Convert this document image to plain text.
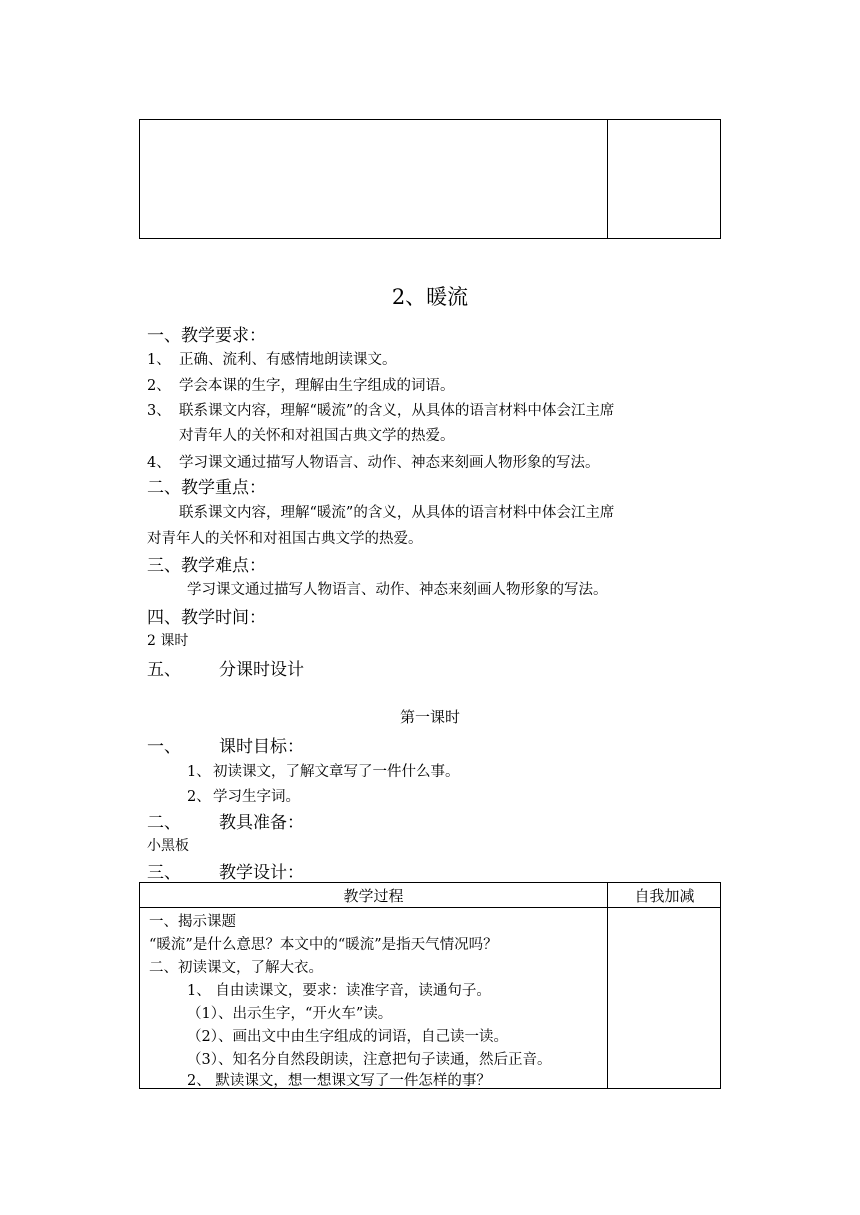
2、暖流
一、教学要求：
1、 正确、流利、有感情地朗读课文。
2、 学会本课的生字，理解由生字组成的词语。
3、 联系课文内容，理解“暖流”的含义，从具体的语言材料中体会江主席
对青年人的关怀和对祖国古典文学的热爱。
4、 学习课文通过描写人物语言、动作、神态来刻画人物形象的写法。
二、教学重点：
联系课文内容，理解“暖流”的含义，从具体的语言材料中体会江主席
对青年人的关怀和对祖国古典文学的热爱。
三、教学难点：
学习课文通过描写人物语言、动作、神态来刻画人物形象的写法。
四、教学时间：
2 课时
五、 分课时设计
第一课时
一、 课时目标：
1、 初读课文，了解文章写了一件什么事。
2、 学习生字词。
二、 教具准备：
小黑板
三、 教学设计：
教学过程	自我加减
一、揭示课题
“暖流”是什么意思？本文中的“暖流”是指天气情况吗？
二、初读课文，了解大衣。
1、 自由读课文，要求：读准字音，读通句子。
（1）、出示生字，“开火车”读。
（2）、画出文中由生字组成的词语，自己读一读。
（3）、知名分自然段朗读，注意把句子读通，然后正音。
2、 默读课文，想一想课文写了一件怎样的事？
